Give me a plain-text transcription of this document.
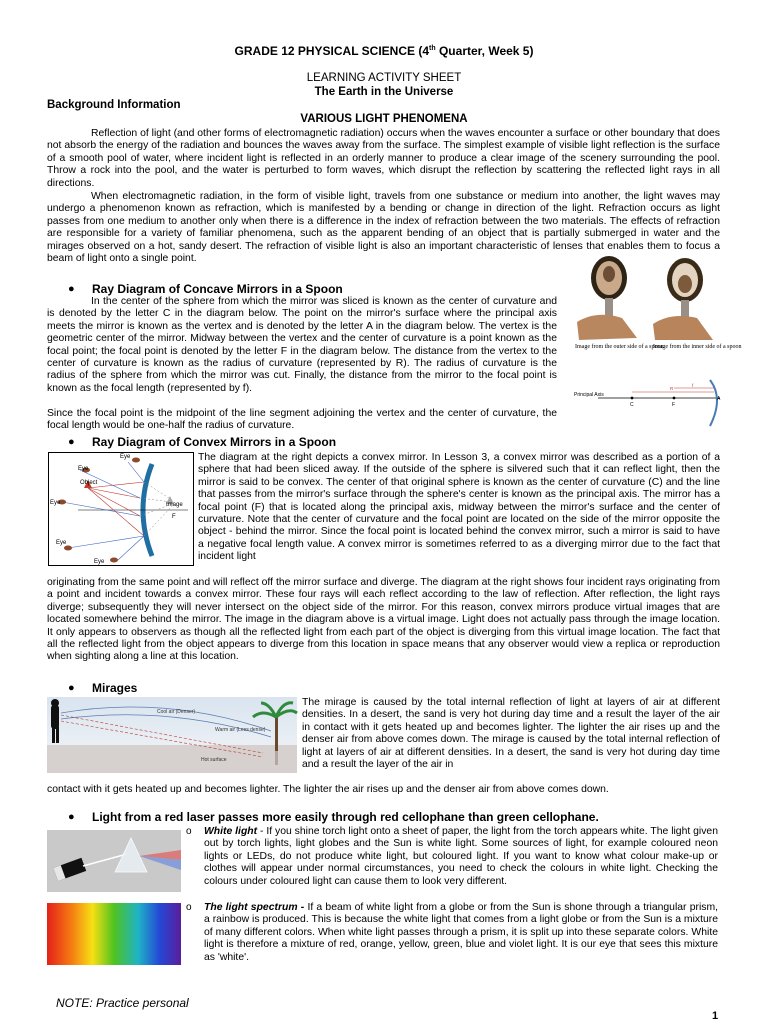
GRADE 12 PHYSICAL SCIENCE (4th Quarter, Week 5)
LEARNING ACTIVITY SHEET
The Earth in the Universe
Background Information
VARIOUS LIGHT PHENOMENA
Reflection of light (and other forms of electromagnetic radiation) occurs when the waves encounter a surface or other boundary that does not absorb the energy of the radiation and bounces the waves away from the surface. The simplest example of visible light reflection is the surface of a smooth pool of water, where incident light is reflected in an orderly manner to produce a clear image of the scenery surrounding the pool. Throw a rock into the pool, and the water is perturbed to form waves, which disrupt the reflection by scattering the reflected light rays in all directions.
When electromagnetic radiation, in the form of visible light, travels from one substance or medium into another, the light waves may undergo a phenomenon known as refraction, which is manifested by a bending or change in direction of the light. Refraction occurs as light passes from one medium to another only when there is a difference in the index of refraction between the two materials. The effects of refraction are responsible for a variety of familiar phenomena, such as the apparent bending of an object that is partially submerged in water and the mirages observed on a hot, sandy desert. The refraction of visible light is also an important characteristic of lenses that enables them to focus a beam of light onto a single point.
● Ray Diagram of Concave Mirrors in a Spoon
In the center of the sphere from which the mirror was sliced is known as the center of curvature and is denoted by the letter C in the diagram below. The point on the mirror's surface where the principal axis meets the mirror is known as the vertex and is denoted by the letter A in the diagram below. The vertex is the geometric center of the mirror. Midway between the vertex and the center of curvature is a point known as the focal point; the focal point is denoted by the letter F in the diagram below. The distance from the vertex to the center of curvature is known as the radius of curvature (represented by R). The radius of curvature is the radius of the sphere from which the mirror was cut. Finally, the distance from the mirror to the focal point is known as the focal length (represented by f).
Since the focal point is the midpoint of the line segment adjoining the vertex and the center of curvature, the focal length would be one-half the radius of curvature.
Image from the outer side of a spoon
Image from the inner side of a spoon
Principal Axis
C	F
A
R
f
● Ray Diagram of Convex Mirrors in a Spoon
Eye
Eye
Eye
Eye
Eye
Object
Image
F
The diagram at the right depicts a convex mirror. In Lesson 3, a convex mirror was described as a portion of a sphere that had been sliced away. If the outside of the sphere is silvered such that it can reflect light, then the mirror is said to be convex. The center of that original sphere is known as the center of curvature (C) and the line that passes from the mirror's surface through the sphere's center is known as the principal axis. The mirror has a focal point (F) that is located along the principal axis, midway between the mirror's surface and the center of curvature. Note that the center of curvature and the focal point are located on the side of the mirror opposite the object - behind the mirror. Since the focal point is located behind the convex mirror, such a mirror is said to have a negative focal length value. A convex mirror is sometimes referred to as a diverging mirror due to the fact that incident light
originating from the same point and will reflect off the mirror surface and diverge. The diagram at the right shows four incident rays originating from a point and incident towards a convex mirror. These four rays will each reflect according to the law of reflection. After reflection, the light rays diverge; subsequently they will never intersect on the object side of the mirror. For this reason, convex mirrors produce virtual images that are located somewhere behind the mirror. The image in the diagram above is a virtual image. Light does not actually pass through the image location. It only appears to observers as though all the reflected light from each part of the object is diverging from this virtual image location. The fact that all the reflected light from the object appears to diverge from this location in space means that any observer would view a replica or reproduction when sighting along a line at this location.
● Mirages
Cool air (Denser)
Warm air (Less dense)
Hot surface
The mirage is caused by the total internal reflection of light at layers of air at different densities. In a desert, the sand is very hot during day time and a result the layer of the air in contact with it gets heated up and becomes lighter. The lighter the air rises up and the denser air from above comes down. The mirage is caused by the total internal reflection of light at layers of air at different densities. In a desert, the sand is very hot during day time and a result the layer of the air in
contact with it gets heated up and becomes lighter. The lighter the air rises up and the denser air from above comes down.
● Light from a red laser passes more easily through red cellophane than green cellophane.
o White light - If you shine torch light onto a sheet of paper, the light from the torch appears white. The light given out by torch lights, light globes and the Sun is white light. Some sources of light, for example coloured neon lights or LEDs, do not produce white light, but coloured light. If you want to know what colour make-up or clothes will appear under normal circumstances, you need to check the colours in white light. Checking the colours under coloured light can cause them to look very different.
o The light spectrum - If a beam of white light from a globe or from the Sun is shone through a triangular prism, a rainbow is produced. This is because the white light that comes from a light globe or from the Sun is a mixture of many different colors. When white light passes through a prism, it is split up into these separate colors. White light is therefore a mixture of red, orange, yellow, green, blue and violet light. It is our eye that sees this mixture as 'white'.
NOTE: Practice personal
1
